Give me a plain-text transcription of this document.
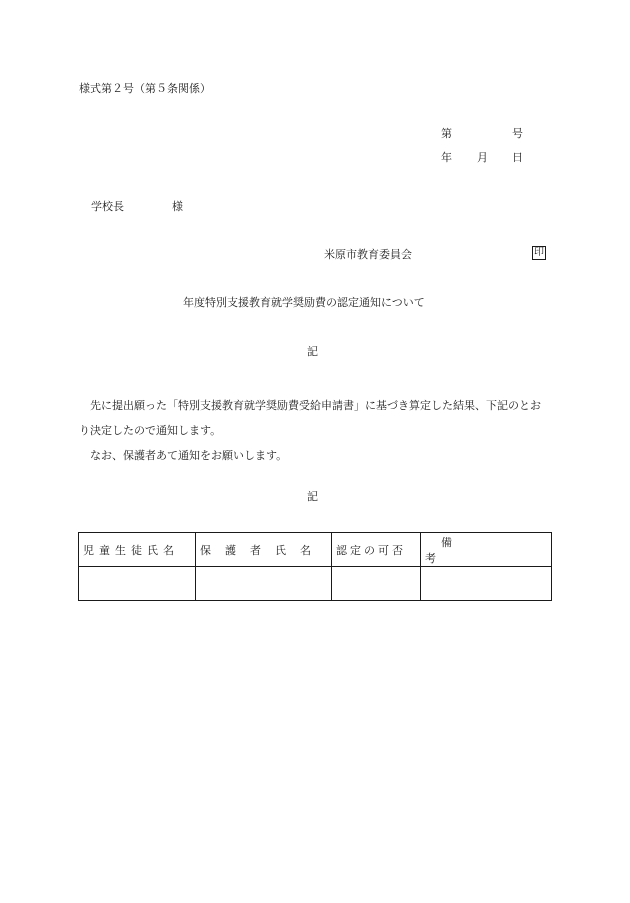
様式第２号（第５条関係）
第	号
年 月 日
学校長	様
米原市教育委員会	印
年度特別支援教育就学奨励費の認定通知について
記

　先に提出願った「特別支援教育就学奨励費受給申請書」に基づき算定した結果、下記のとおり決定したので通知します。

　なお、保護者あて通知をお願いします。

記
児童生徒氏名	保護者氏名	認定の可否	備考
